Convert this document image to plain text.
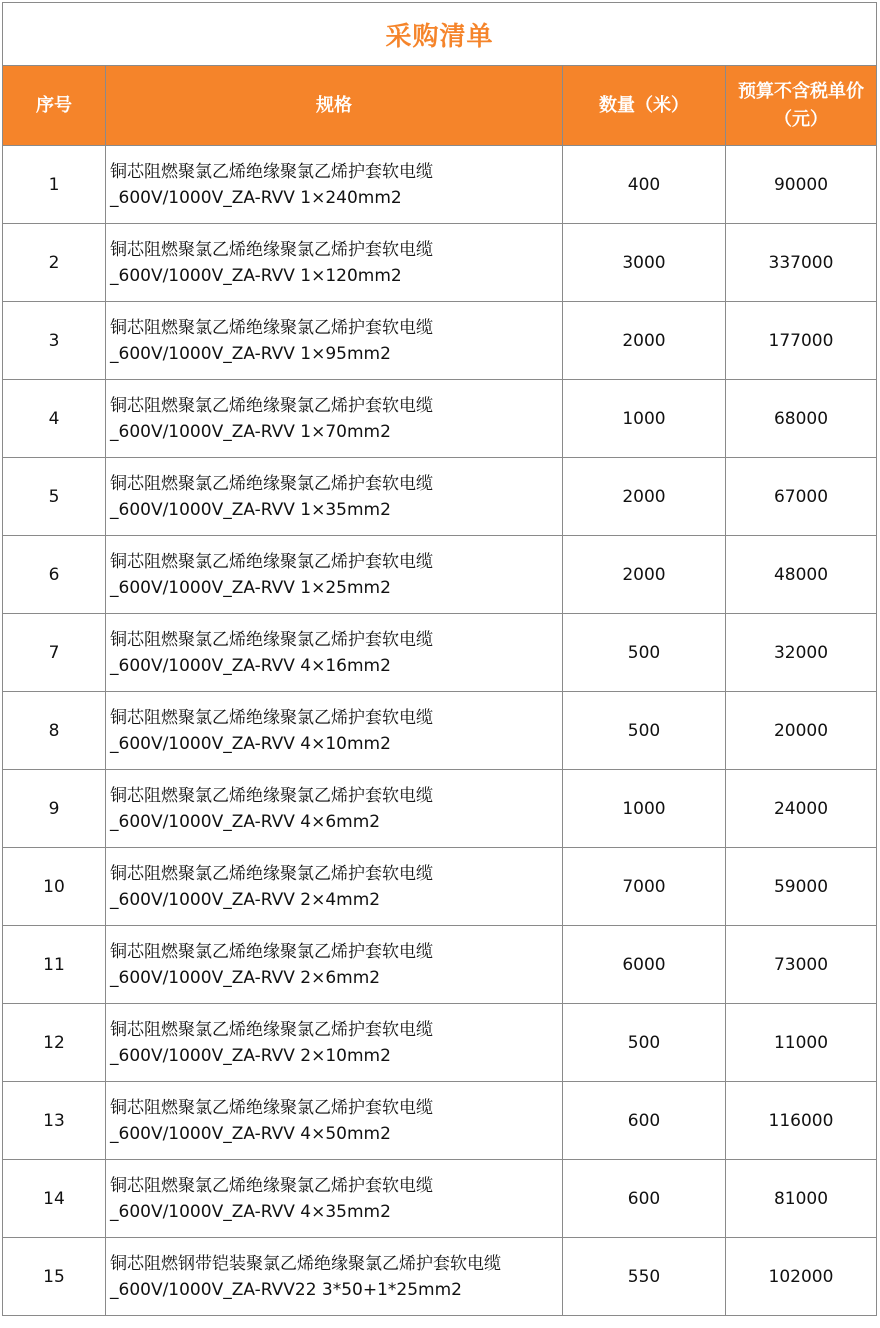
采购清单			
序号	规格	数量（米）	预算不含税单价
（元）
1	铜芯阻燃聚氯乙烯绝缘聚氯乙烯护套软电缆
_600V/1000V_ZA-RVV 1×240mm2	400	90000
2	铜芯阻燃聚氯乙烯绝缘聚氯乙烯护套软电缆
_600V/1000V_ZA-RVV 1×120mm2	3000	337000
3	铜芯阻燃聚氯乙烯绝缘聚氯乙烯护套软电缆
_600V/1000V_ZA-RVV 1×95mm2	2000	177000
4	铜芯阻燃聚氯乙烯绝缘聚氯乙烯护套软电缆
_600V/1000V_ZA-RVV 1×70mm2	1000	68000
5	铜芯阻燃聚氯乙烯绝缘聚氯乙烯护套软电缆
_600V/1000V_ZA-RVV 1×35mm2	2000	67000
6	铜芯阻燃聚氯乙烯绝缘聚氯乙烯护套软电缆
_600V/1000V_ZA-RVV 1×25mm2	2000	48000
7	铜芯阻燃聚氯乙烯绝缘聚氯乙烯护套软电缆
_600V/1000V_ZA-RVV 4×16mm2	500	32000
8	铜芯阻燃聚氯乙烯绝缘聚氯乙烯护套软电缆
_600V/1000V_ZA-RVV 4×10mm2	500	20000
9	铜芯阻燃聚氯乙烯绝缘聚氯乙烯护套软电缆
_600V/1000V_ZA-RVV 4×6mm2	1000	24000
10	铜芯阻燃聚氯乙烯绝缘聚氯乙烯护套软电缆
_600V/1000V_ZA-RVV 2×4mm2	7000	59000
11	铜芯阻燃聚氯乙烯绝缘聚氯乙烯护套软电缆
_600V/1000V_ZA-RVV 2×6mm2	6000	73000
12	铜芯阻燃聚氯乙烯绝缘聚氯乙烯护套软电缆
_600V/1000V_ZA-RVV 2×10mm2	500	11000
13	铜芯阻燃聚氯乙烯绝缘聚氯乙烯护套软电缆
_600V/1000V_ZA-RVV 4×50mm2	600	116000
14	铜芯阻燃聚氯乙烯绝缘聚氯乙烯护套软电缆
_600V/1000V_ZA-RVV 4×35mm2	600	81000
15	铜芯阻燃钢带铠装聚氯乙烯绝缘聚氯乙烯护套软电缆
_600V/1000V_ZA-RVV22 3*50+1*25mm2	550	102000
